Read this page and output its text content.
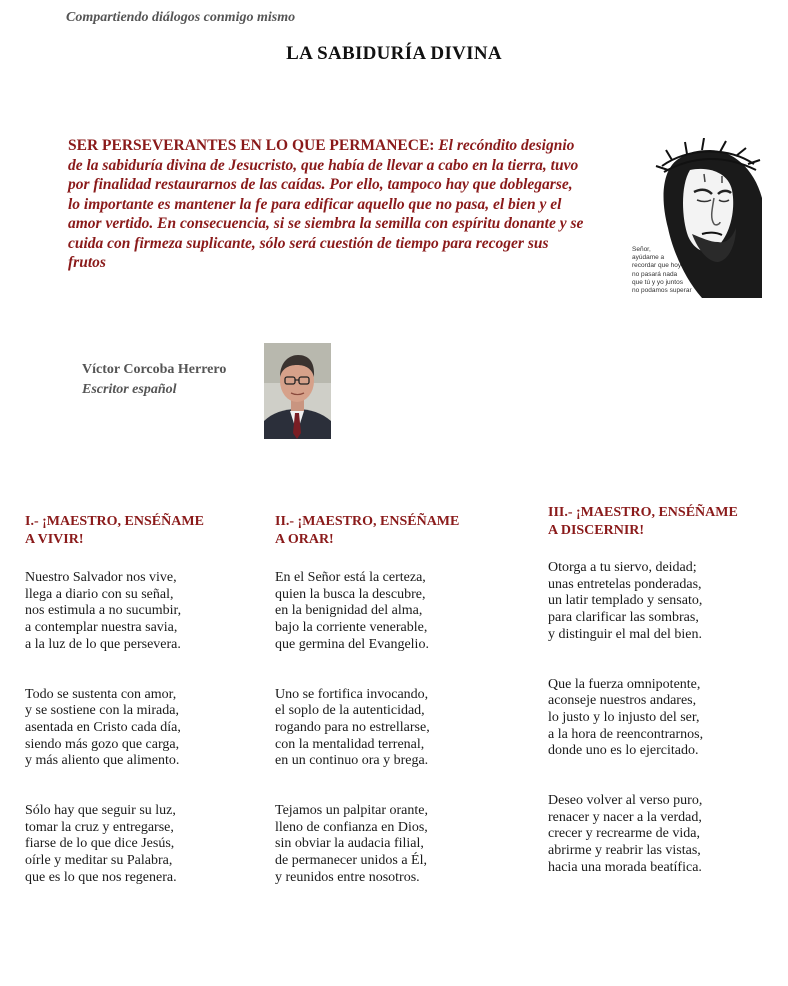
Compartiendo diálogos conmigo mismo
LA SABIDURÍA DIVINA
SER PERSEVERANTES EN LO QUE PERMANECE: El recóndito designio de la sabiduría divina de Jesucristo, que había de llevar a cabo en la tierra, tuvo por finalidad restaurarnos de las caídas. Por ello, tampoco hay que doblegarse, lo importante es mantener la fe para edificar aquello que no pasa, el bien y el amor vertido. En consecuencia, si se siembra la semilla con espíritu donante y se cuida con firmeza suplicante, sólo será cuestión de tiempo para recoger sus frutos
Señor,
ayúdame a
recordar que hoy
no pasará nada
que tú y yo juntos
no podamos superar
Víctor Corcoba Herrero
Escritor español
I.- ¡MAESTRO, ENSÉÑAME
A VIVIR!

Nuestro Salvador nos vive,
llega a diario con su señal,
nos estimula a no sucumbir,
a contemplar nuestra savia,
a la luz de lo que persevera.

Todo se sustenta con amor,
y se sostiene con la mirada,
asentada en Cristo cada día,
siendo más gozo que carga,
y más aliento que alimento.

Sólo hay que seguir su luz,
tomar la cruz y entregarse,
fiarse de lo que dice Jesús,
oírle y meditar su Palabra,
que es lo que nos regenera.

II.- ¡MAESTRO, ENSÉÑAME
A ORAR!

En el Señor está la certeza,
quien la busca la descubre,
en la benignidad del alma,
bajo la corriente venerable,
que germina del Evangelio.

Uno se fortifica invocando,
el soplo de la autenticidad,
rogando para no estrellarse,
con la mentalidad terrenal,
en un continuo ora y brega.

Tejamos un palpitar orante,
lleno de confianza en Dios,
sin obviar la audacia filial,
de permanecer unidos a Él,
y reunidos entre nosotros.

III.- ¡MAESTRO, ENSÉÑAME
A DISCERNIR!

Otorga a tu siervo, deidad;
unas entretelas ponderadas,
un latir templado y sensato,
para clarificar las sombras,
y distinguir el mal del bien.

Que la fuerza omnipotente,
aconseje nuestros andares,
lo justo y lo injusto del ser,
a la hora de reencontrarnos,
donde uno es lo ejercitado.

Deseo volver al verso puro,
renacer y nacer a la verdad,
crecer y recrearme de vida,
abrirme y reabrir las vistas,
hacia una morada beatífica.
